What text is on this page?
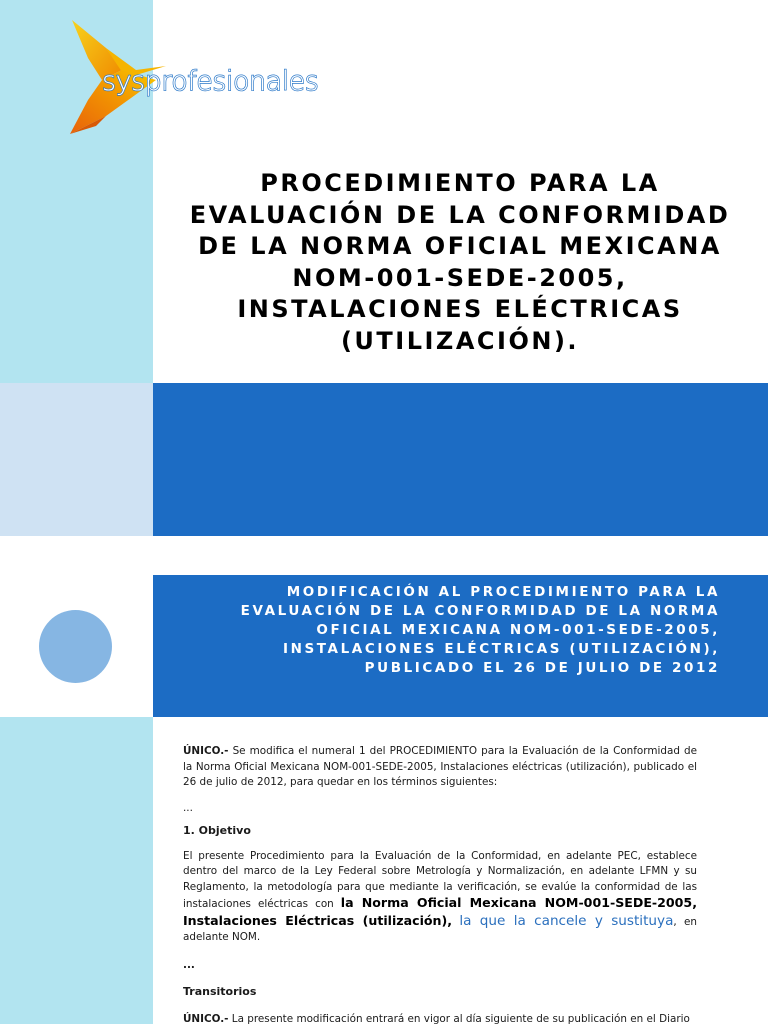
sysprofesionales
PROCEDIMIENTO PARA LA EVALUACIÓN DE LA CONFORMIDAD DE LA NORMA OFICIAL MEXICANA NOM-001-SEDE-2005, INSTALACIONES ELÉCTRICAS (UTILIZACIÓN).

MODIFICACIÓN AL PROCEDIMIENTO PARA LA EVALUACIÓN DE LA CONFORMIDAD DE LA NORMA OFICIAL MEXICANA NOM-001-SEDE-2005, INSTALACIONES ELÉCTRICAS (UTILIZACIÓN), PUBLICADO EL 26 DE JULIO DE 2012

ÚNICO.- Se modifica el numeral 1 del PROCEDIMIENTO para la Evaluación de la Conformidad de la Norma Oficial Mexicana NOM-001-SEDE-2005, Instalaciones eléctricas (utilización), publicado el 26 de julio de 2012, para quedar en los términos siguientes:

...

1. Objetivo

El presente Procedimiento para la Evaluación de la Conformidad, en adelante PEC, establece dentro del marco de la Ley Federal sobre Metrología y Normalización, en adelante LFMN y su Reglamento, la metodología para que mediante la verificación, se evalúe la conformidad de las instalaciones eléctricas con la Norma Oficial Mexicana NOM-001-SEDE-2005, Instalaciones Eléctricas (utilización), la que la cancele y sustituya, en adelante NOM.

...

Transitorios

ÚNICO.- La presente modificación entrará en vigor al día siguiente de su publicación en el Diario
